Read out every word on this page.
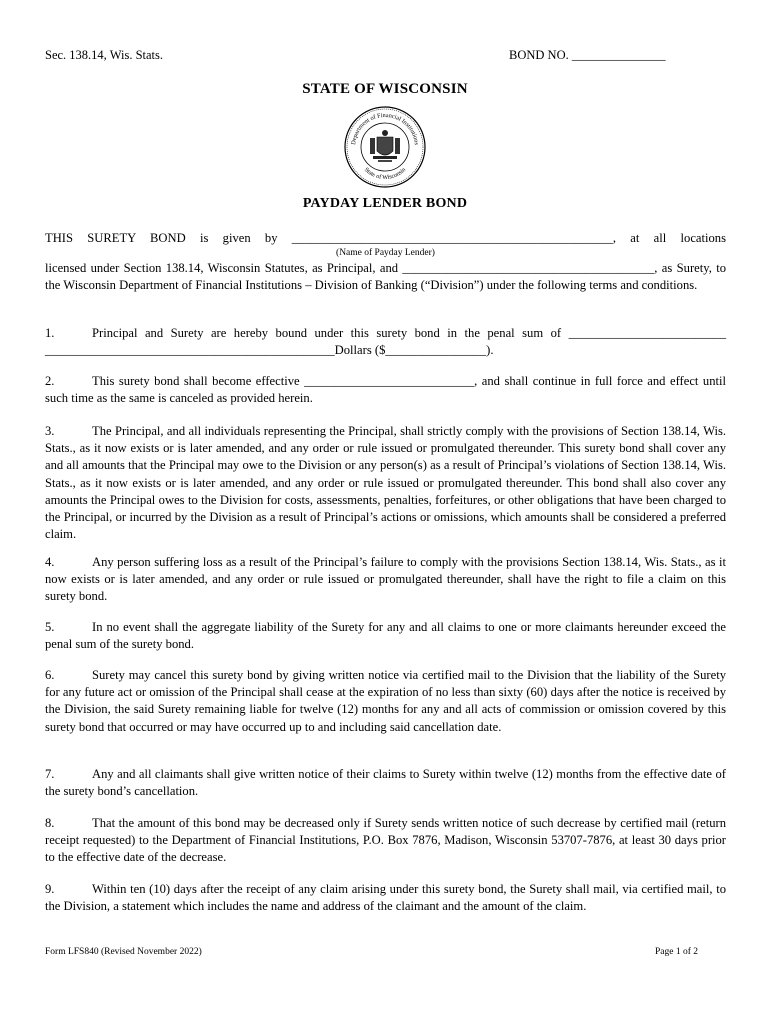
Sec. 138.14, Wis. Stats.	BOND NO. _______________
STATE OF WISCONSIN
Department of Financial Institutions
State of Wisconsin
PAYDAY LENDER BOND
THIS SURETY BOND is given by ___________________________________________________, at all locations
(Name of Payday Lender)
licensed under Section 138.14, Wisconsin Statutes, as Principal, and ________________________________________, as Surety, to the Wisconsin Department of Financial Institutions – Division of Banking (“Division”) under the following terms and conditions.
1.	Principal and Surety are hereby bound under this surety bond in the penal sum of _________________________ ______________________________________________Dollars ($________________).
2.	This surety bond shall become effective ___________________________, and shall continue in full force and effect until such time as the same is canceled as provided herein.
3.	The Principal, and all individuals representing the Principal, shall strictly comply with the provisions of Section 138.14, Wis. Stats., as it now exists or is later amended, and any order or rule issued or promulgated thereunder. This surety bond shall cover any and all amounts that the Principal may owe to the Division or any person(s) as a result of Principal’s violations of Section 138.14, Wis. Stats., as it now exists or is later amended, and any order or rule issued or promulgated thereunder. This bond shall also cover any amounts the Principal owes to the Division for costs, assessments, penalties, forfeitures, or other obligations that have been charged to the Principal, or incurred by the Division as a result of Principal’s actions or omissions, which amounts shall be considered a preferred claim.
4.	Any person suffering loss as a result of the Principal’s failure to comply with the provisions Section 138.14, Wis. Stats., as it now exists or is later amended, and any order or rule issued or promulgated thereunder, shall have the right to file a claim on this surety bond.
5.	In no event shall the aggregate liability of the Surety for any and all claims to one or more claimants hereunder exceed the penal sum of the surety bond.
6.	Surety may cancel this surety bond by giving written notice via certified mail to the Division that the liability of the Surety for any future act or omission of the Principal shall cease at the expiration of no less than sixty (60) days after the notice is received by the Division, the said Surety remaining liable for twelve (12) months for any and all acts of commission or omission covered by this surety bond that occurred or may have occurred up to and including said cancellation date.
7.	Any and all claimants shall give written notice of their claims to Surety within twelve (12) months from the effective date of the surety bond’s cancellation.
8.	That the amount of this bond may be decreased only if Surety sends written notice of such decrease by certified mail (return receipt requested) to the Department of Financial Institutions, P.O. Box 7876, Madison, Wisconsin 53707-7876, at least 30 days prior to the effective date of the decrease.
9.	Within ten (10) days after the receipt of any claim arising under this surety bond, the Surety shall mail, via certified mail, to the Division, a statement which includes the name and address of the claimant and the amount of the claim.
Form LFS840 (Revised November 2022)	Page 1 of 2
